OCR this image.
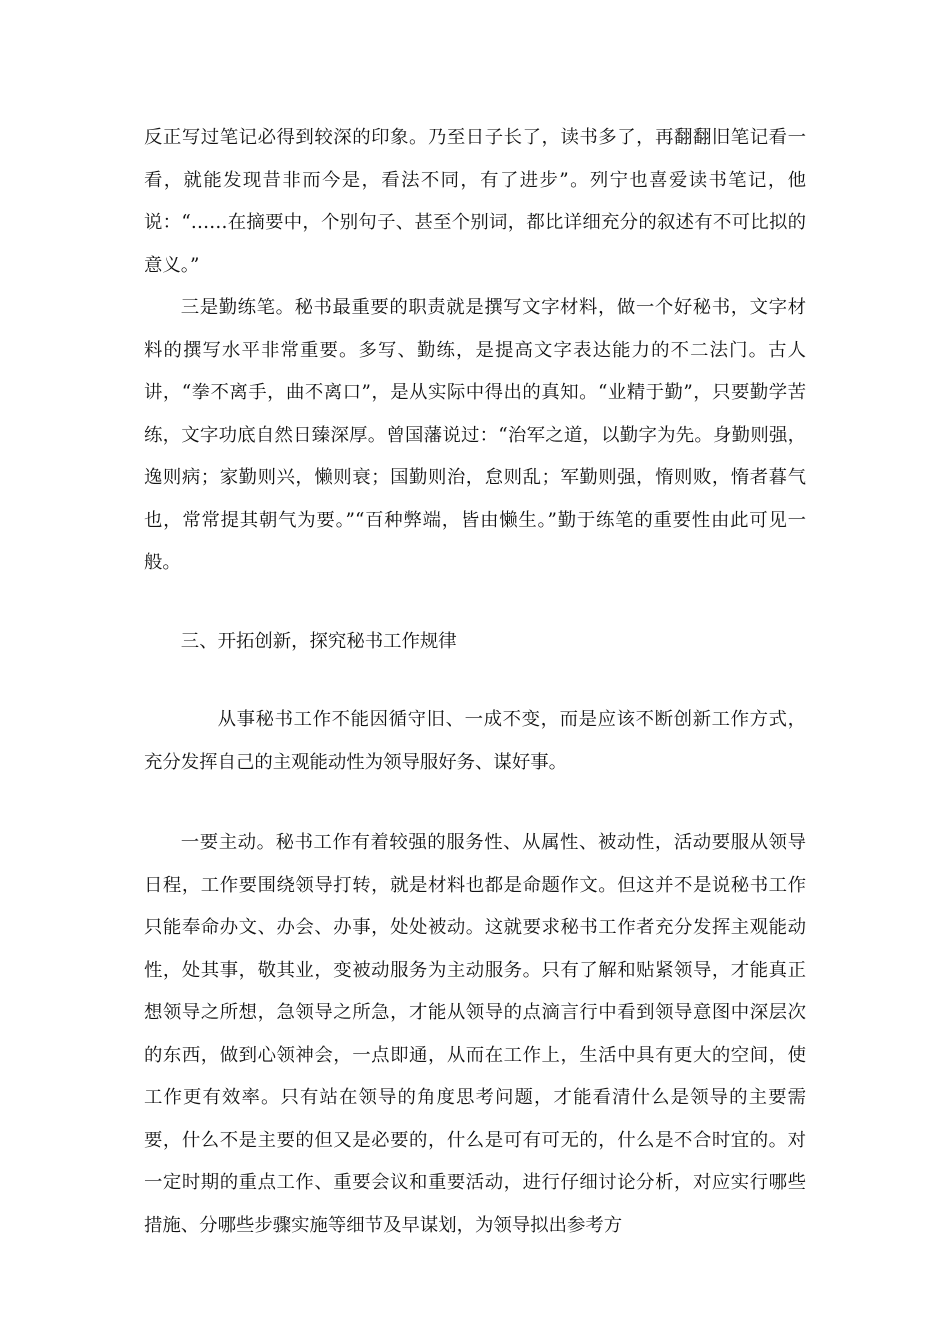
反正写过笔记必得到较深的印象。乃至日子长了，读书多了，再翻翻旧笔记看一看，就能发现昔非而今是，看法不同，有了进步”。列宁也喜爱读书笔记，他说：“……在摘要中，个别句子、甚至个别词，都比详细充分的叙述有不可比拟的意义。”

三是勤练笔。秘书最重要的职责就是撰写文字材料，做一个好秘书，文字材料的撰写水平非常重要。多写、勤练，是提高文字表达能力的不二法门。古人讲，“拳不离手，曲不离口”，是从实际中得出的真知。“业精于勤”，只要勤学苦练，文字功底自然日臻深厚。曾国藩说过：“治军之道，以勤字为先。身勤则强，逸则病；家勤则兴，懒则衰；国勤则治，怠则乱；军勤则强，惰则败，惰者暮气也，常常提其朝气为要。”“百种弊端，皆由懒生。”勤于练笔的重要性由此可见一般。

三、开拓创新，探究秘书工作规律

从事秘书工作不能因循守旧、一成不变，而是应该不断创新工作方式，充分发挥自己的主观能动性为领导服好务、谋好事。

一要主动。秘书工作有着较强的服务性、从属性、被动性，活动要服从领导日程，工作要围绕领导打转，就是材料也都是命题作文。但这并不是说秘书工作只能奉命办文、办会、办事，处处被动。这就要求秘书工作者充分发挥主观能动性，处其事，敬其业，变被动服务为主动服务。只有了解和贴紧领导，才能真正想领导之所想，急领导之所急，才能从领导的点滴言行中看到领导意图中深层次的东西，做到心领神会，一点即通，从而在工作上，生活中具有更大的空间，使工作更有效率。只有站在领导的角度思考问题，才能看清什么是领导的主要需要，什么不是主要的但又是必要的，什么是可有可无的，什么是不合时宜的。对一定时期的重点工作、重要会议和重要活动，进行仔细讨论分析，对应实行哪些措施、分哪些步骤实施等细节及早谋划，为领导拟出参考方
